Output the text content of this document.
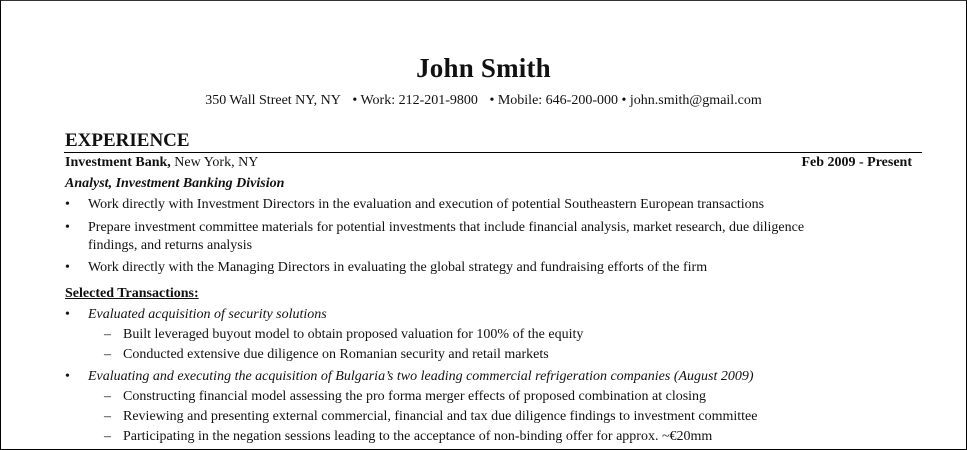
John Smith
350 Wall Street NY, NY • Work: 212-201-9800 • Mobile: 646-200-000 • john.smith@gmail.com
EXPERIENCE
Investment Bank, New York, NY	Feb 2009 - Present
Analyst, Investment Banking Division
• Work directly with Investment Directors in the evaluation and execution of potential Southeastern European transactions
• Prepare investment committee materials for potential investments that include financial analysis, market research, due diligence
findings, and returns analysis
• Work directly with the Managing Directors in evaluating the global strategy and fundraising efforts of the firm
Selected Transactions:
• Evaluated acquisition of security solutions
– Built leveraged buyout model to obtain proposed valuation for 100% of the equity
– Conducted extensive due diligence on Romanian security and retail markets
• Evaluating and executing the acquisition of Bulgaria’s two leading commercial refrigeration companies (August 2009)
– Constructing financial model assessing the pro forma merger effects of proposed combination at closing
– Reviewing and presenting external commercial, financial and tax due diligence findings to investment committee
– Participating in the negation sessions leading to the acceptance of non-binding offer for approx. ~€20mm
